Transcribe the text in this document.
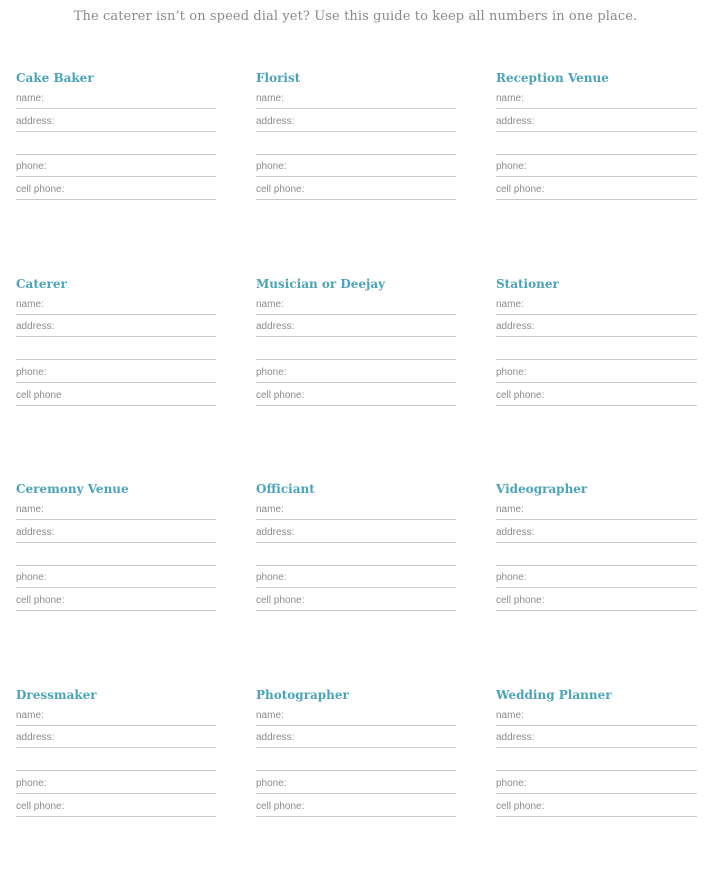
The caterer isn’t on speed dial yet? Use this guide to keep all numbers in one place.
Cake Baker
name:
address:
phone:
cell phone:
Florist
name:
address:
phone:
cell phone:
Reception Venue
name:
address:
phone:
cell phone:
Caterer
name:
address:
phone:
cell phone
Musician or Deejay
name:
address:
phone:
cell phone:
Stationer
name:
address:
phone:
cell phone:
Ceremony Venue
name:
address:
phone:
cell phone:
Officiant
name:
address:
phone:
cell phone:
Videographer
name:
address:
phone:
cell phone:
Dressmaker
name:
address:
phone:
cell phone:
Photographer
name:
address:
phone:
cell phone:
Wedding Planner
name:
address:
phone:
cell phone:
